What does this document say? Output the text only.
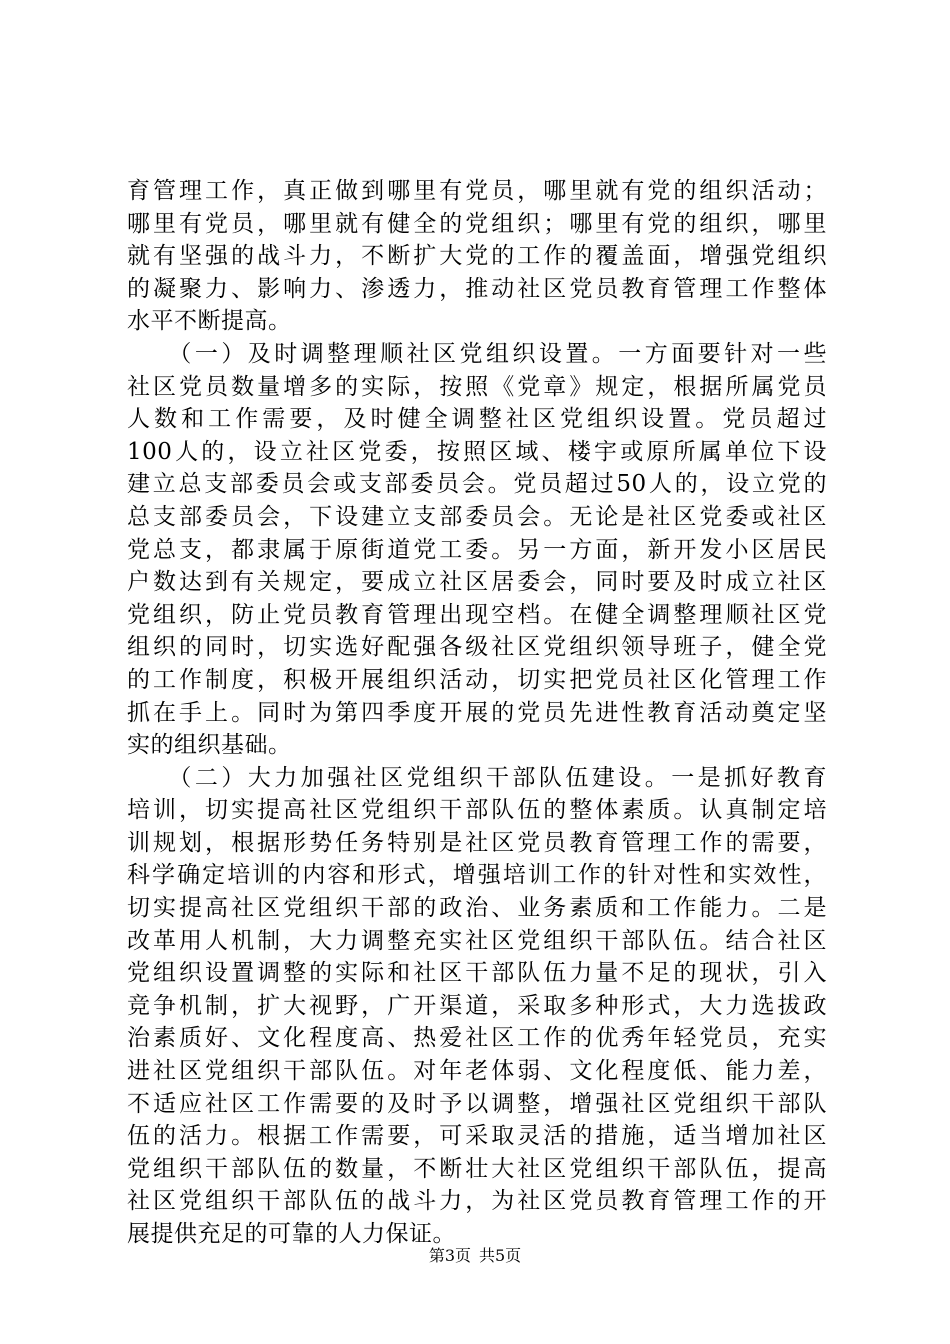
育管理工作，真正做到哪里有党员，哪里就有党的组织活动；
哪里有党员，哪里就有健全的党组织；哪里有党的组织，哪里
就有坚强的战斗力，不断扩大党的工作的覆盖面，增强党组织
的凝聚力、影响力、渗透力，推动社区党员教育管理工作整体
水平不断提高。
　　（一）及时调整理顺社区党组织设置。一方面要针对一些
社区党员数量增多的实际，按照《党章》规定，根据所属党员
人数和工作需要，及时健全调整社区党组织设置。党员超过
100人的，设立社区党委，按照区域、楼宇或原所属单位下设
建立总支部委员会或支部委员会。党员超过50人的，设立党的
总支部委员会，下设建立支部委员会。无论是社区党委或社区
党总支，都隶属于原街道党工委。另一方面，新开发小区居民
户数达到有关规定，要成立社区居委会，同时要及时成立社区
党组织，防止党员教育管理出现空档。在健全调整理顺社区党
组织的同时，切实选好配强各级社区党组织领导班子，健全党
的工作制度，积极开展组织活动，切实把党员社区化管理工作
抓在手上。同时为第四季度开展的党员先进性教育活动奠定坚
实的组织基础。
　　（二）大力加强社区党组织干部队伍建设。一是抓好教育
培训，切实提高社区党组织干部队伍的整体素质。认真制定培
训规划，根据形势任务特别是社区党员教育管理工作的需要，
科学确定培训的内容和形式，增强培训工作的针对性和实效性，
切实提高社区党组织干部的政治、业务素质和工作能力。二是
改革用人机制，大力调整充实社区党组织干部队伍。结合社区
党组织设置调整的实际和社区干部队伍力量不足的现状，引入
竞争机制，扩大视野，广开渠道，采取多种形式，大力选拔政
治素质好、文化程度高、热爱社区工作的优秀年轻党员，充实
进社区党组织干部队伍。对年老体弱、文化程度低、能力差，
不适应社区工作需要的及时予以调整，增强社区党组织干部队
伍的活力。根据工作需要，可采取灵活的措施，适当增加社区
党组织干部队伍的数量，不断壮大社区党组织干部队伍，提高
社区党组织干部队伍的战斗力，为社区党员教育管理工作的开
展提供充足的可靠的人力保证。
第3页 共5页
